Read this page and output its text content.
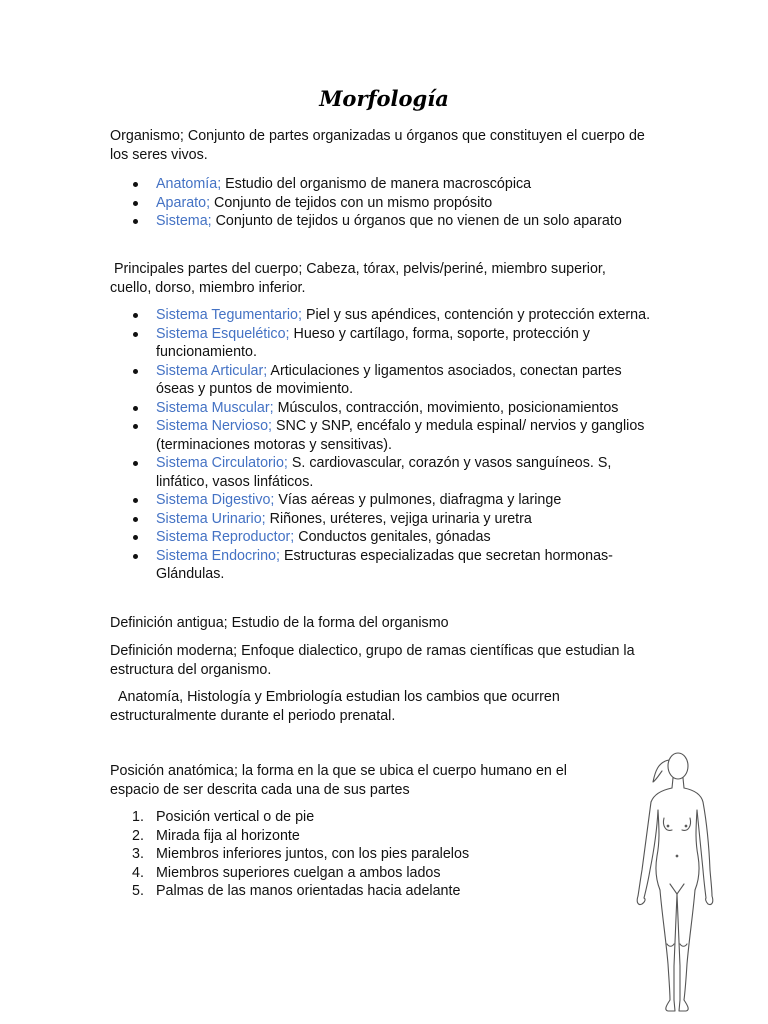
Morfología

Organismo; Conjunto de partes organizadas u órganos que constituyen el cuerpo de los seres vivos.

Anatomía; Estudio del organismo de manera macroscópica
Aparato; Conjunto de tejidos con un mismo propósito
Sistema; Conjunto de tejidos u órganos que no vienen de un solo aparato

Principales partes del cuerpo; Cabeza, tórax, pelvis/periné, miembro superior, cuello, dorso, miembro inferior.

Sistema Tegumentario; Piel y sus apéndices, contención y protección externa.
Sistema Esquelético; Hueso y cartílago, forma, soporte, protección y funcionamiento.
Sistema Articular; Articulaciones y ligamentos asociados, conectan partes óseas y puntos de movimiento.
Sistema Muscular; Músculos, contracción, movimiento, posicionamientos
Sistema Nervioso; SNC y SNP, encéfalo y medula espinal/ nervios y ganglios (terminaciones motoras y sensitivas).
Sistema Circulatorio; S. cardiovascular, corazón y vasos sanguíneos. S, linfático, vasos linfáticos.
Sistema Digestivo; Vías aéreas y pulmones, diafragma y laringe
Sistema Urinario; Riñones, uréteres, vejiga urinaria y uretra
Sistema Reproductor; Conductos genitales, gónadas
Sistema Endocrino; Estructuras especializadas que secretan hormonas- Glándulas.

Definición antigua; Estudio de la forma del organismo

Definición moderna; Enfoque dialectico, grupo de ramas científicas que estudian la estructura del organismo.

Anatomía, Histología y Embriología estudian los cambios que ocurren estructuralmente durante el periodo prenatal.

Posición anatómica; la forma en la que se ubica el cuerpo humano en el espacio de ser descrita cada una de sus partes

1. Posición vertical o de pie
2. Mirada fija al horizonte
3. Miembros inferiores juntos, con los pies paralelos
4. Miembros superiores cuelgan a ambos lados
5. Palmas de las manos orientadas hacia adelante
